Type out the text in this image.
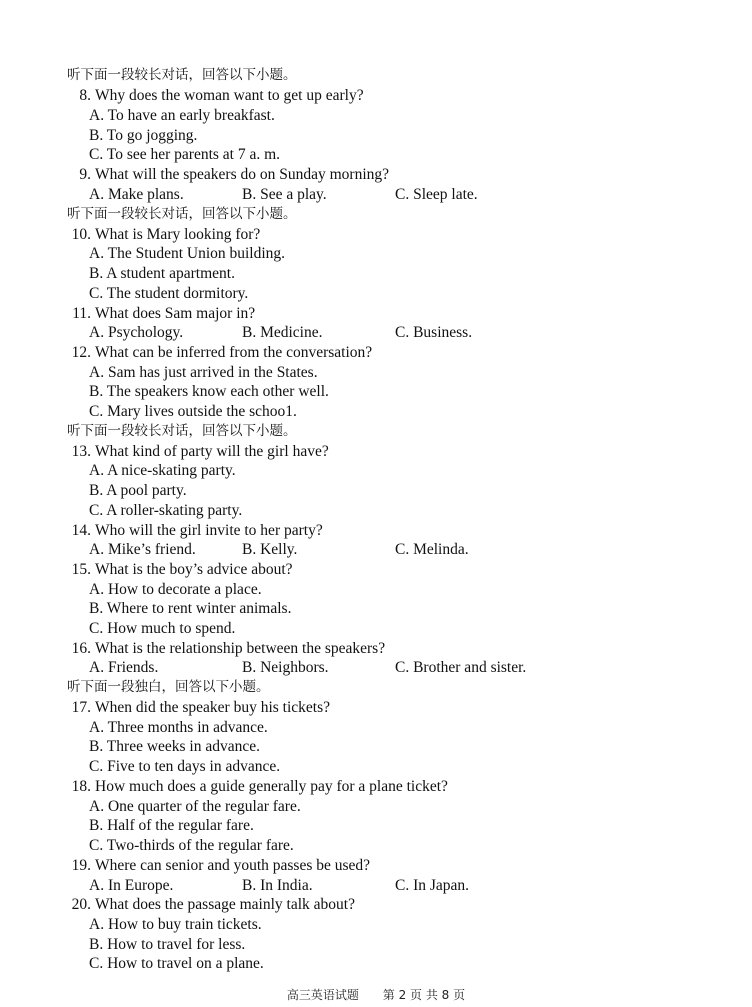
听下面一段较长对话，回答以下小题。
8. Why does the woman want to get up early?
A. To have an early breakfast.
B. To go jogging.
C. To see her parents at 7 a. m.
9. What will the speakers do on Sunday morning?
A. Make plans.	B. See a play.	C. Sleep late.
听下面一段较长对话，回答以下小题。
10. What is Mary looking for?
A. The Student Union building.
B. A student apartment.
C. The student dormitory.
11. What does Sam major in?
A. Psychology.	B. Medicine.	C. Business.
12. What can be inferred from the conversation?
A. Sam has just arrived in the States.
B. The speakers know each other well.
C. Mary lives outside the schoo1.
听下面一段较长对话，回答以下小题。
13. What kind of party will the girl have?
A. A nice-skating party.
B. A pool party.
C. A roller-skating party.
14. Who will the girl invite to her party?
A. Mike’s friend.	B. Kelly.	C. Melinda.
15. What is the boy’s advice about?
A. How to decorate a place.
B. Where to rent winter animals.
C. How much to spend.
16. What is the relationship between the speakers?
A. Friends.	B. Neighbors.	C. Brother and sister.
听下面一段独白，回答以下小题。
17. When did the speaker buy his tickets?
A. Three months in advance.
B. Three weeks in advance.
C. Five to ten days in advance.
18. How much does a guide generally pay for a plane ticket?
A. One quarter of the regular fare.
B. Half of the regular fare.
C. Two-thirds of the regular fare.
19. Where can senior and youth passes be used?
A. In Europe.	B. In India.	C. In Japan.
20. What does the passage mainly talk about?
A. How to buy train tickets.
B. How to travel for less.
C. How to travel on a plane.
高三英语试题 第 2 页 共 8 页
